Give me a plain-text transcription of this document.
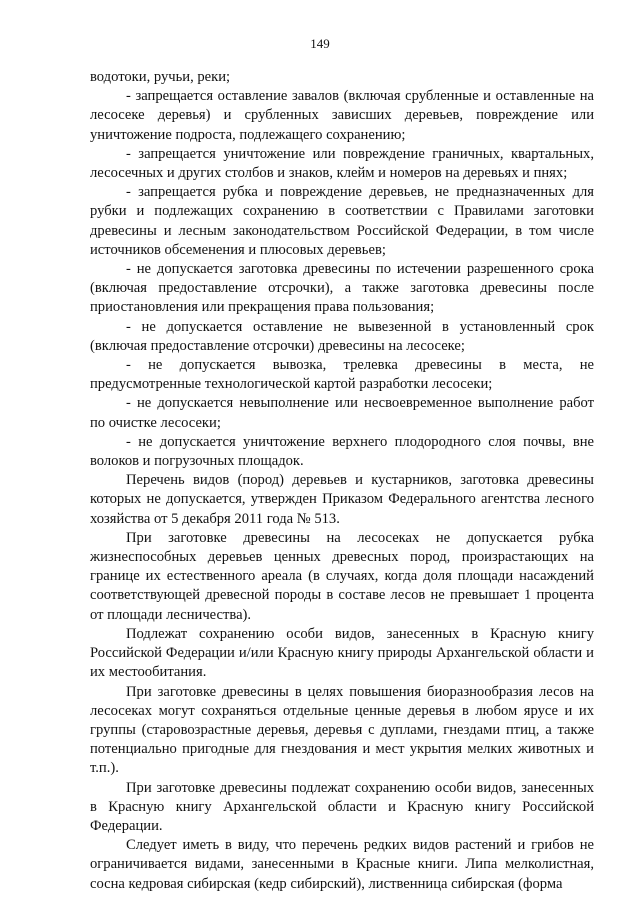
149

водотоки, ручьи, реки;

- запрещается оставление завалов (включая срубленные и оставленные на лесосеке деревья) и срубленных зависших деревьев, повреждение или уничтожение подроста, подлежащего сохранению;

- запрещается уничтожение или повреждение граничных, квартальных, лесосечных и других столбов и знаков, клейм и номеров на деревьях и пнях;

- запрещается рубка и повреждение деревьев, не предназначенных для рубки и подлежащих сохранению в соответствии с Правилами заготовки древесины и лесным законодательством Российской Федерации, в том числе источников обсеменения и плюсовых деревьев;

- не допускается заготовка древесины по истечении разрешенного срока (включая предоставление отсрочки), а также заготовка древесины после приостановления или прекращения права пользования;

- не допускается оставление не вывезенной в установленный срок (включая предоставление отсрочки) древесины на лесосеке;

- не допускается вывозка, трелевка древесины в места, не предусмотренные технологической картой разработки лесосеки;

- не допускается невыполнение или несвоевременное выполнение работ по очистке лесосеки;

- не допускается уничтожение верхнего плодородного слоя почвы, вне волоков и погрузочных площадок.

Перечень видов (пород) деревьев и кустарников, заготовка древесины которых не допускается, утвержден Приказом Федерального агентства лесного хозяйства от 5 декабря 2011 года № 513.

При заготовке древесины на лесосеках не допускается рубка жизнеспособных деревьев ценных древесных пород, произрастающих на границе их естественного ареала (в случаях, когда доля площади насаждений соответствующей древесной породы в составе лесов не превышает 1 процента от площади лесничества).

Подлежат сохранению особи видов, занесенных в Красную книгу Российской Федерации и/или Красную книгу природы Архангельской области и их местообитания.

При заготовке древесины в целях повышения биоразнообразия лесов на лесосеках могут сохраняться отдельные ценные деревья в любом ярусе и их группы (старовозрастные деревья, деревья с дуплами, гнездами птиц, а также потенциально пригодные для гнездования и мест укрытия мелких животных и т.п.).

При заготовке древесины подлежат сохранению особи видов, занесенных в Красную книгу Архангельской области и Красную книгу Российской Федерации.

Следует иметь в виду, что перечень редких видов растений и грибов не ограничивается видами, занесенными в Красные книги. Липа мелколистная, сосна кедровая сибирская (кедр сибирский), лиственница сибирская (форма
